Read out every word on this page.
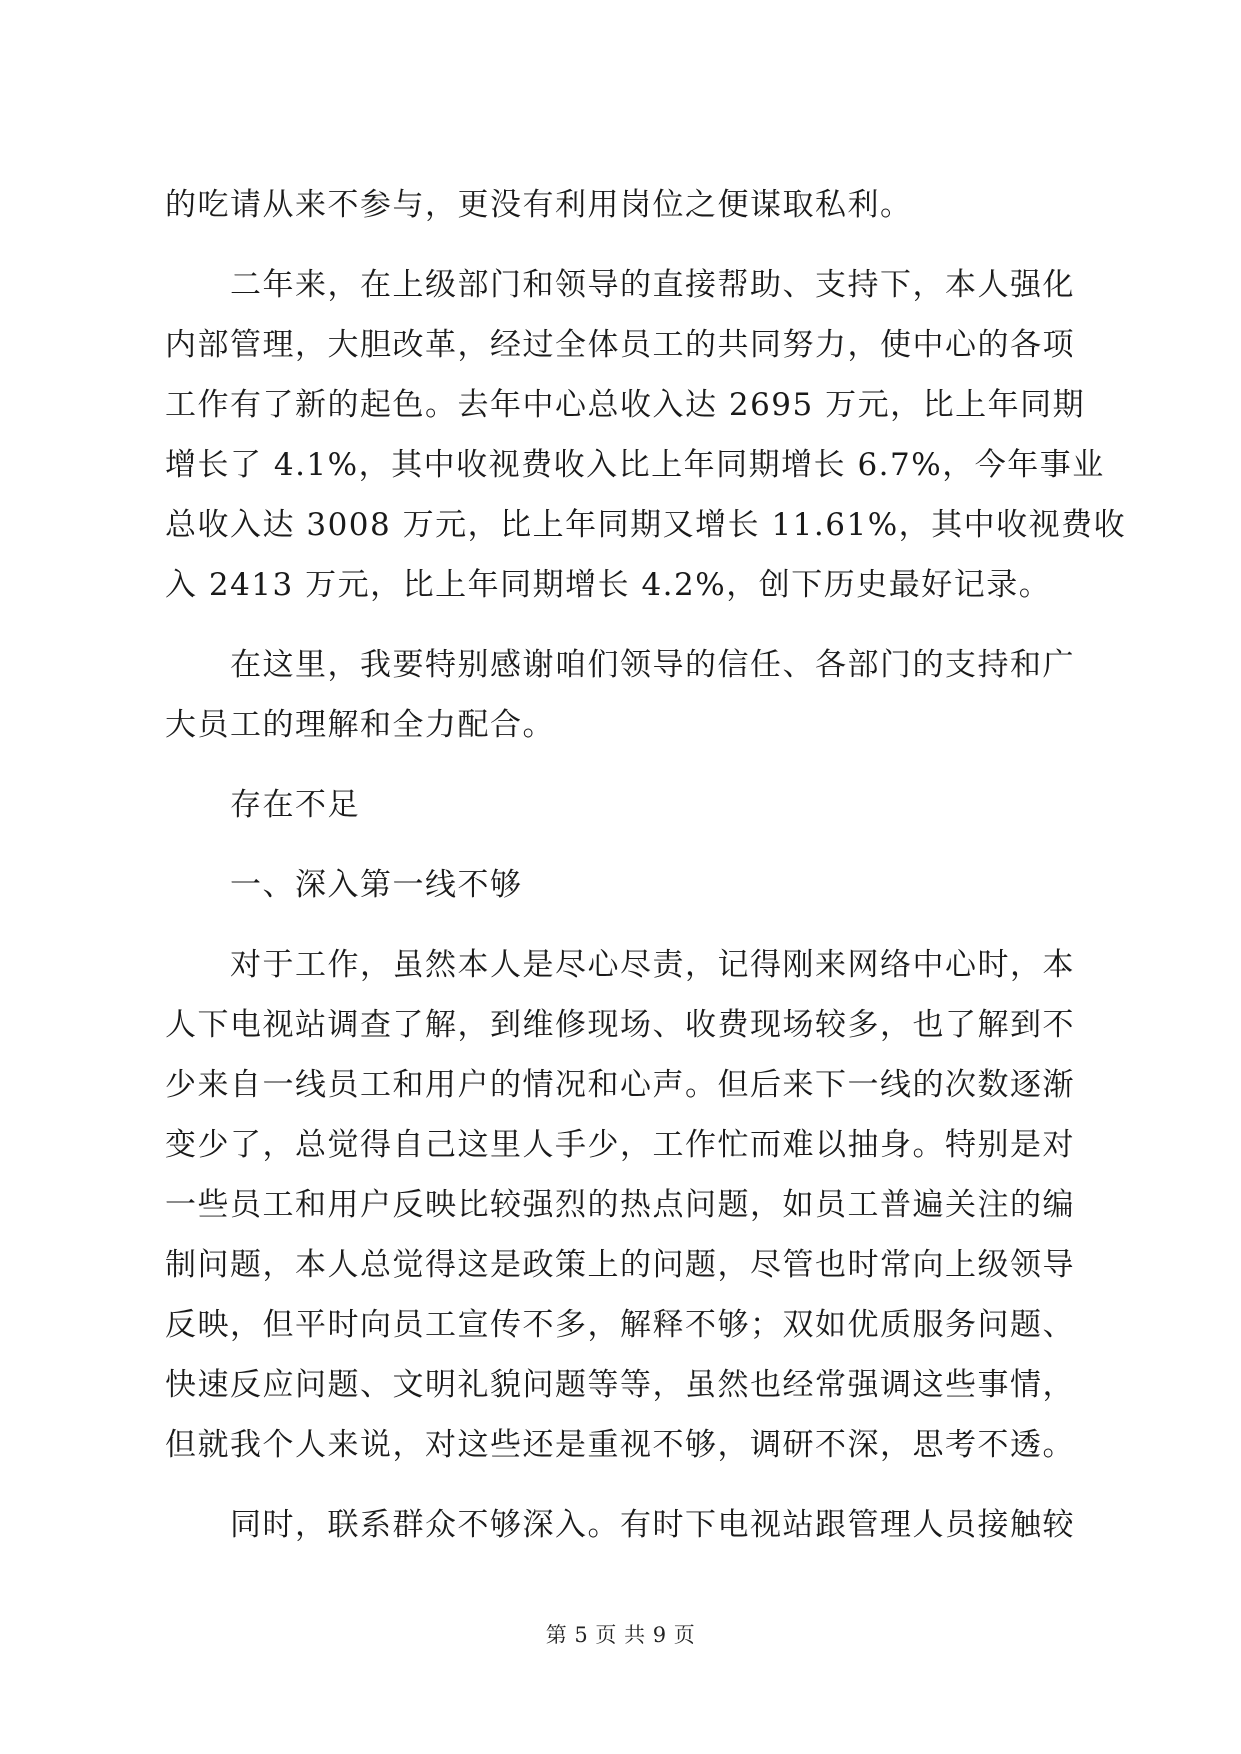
的吃请从来不参与，更没有利用岗位之便谋取私利。
二年来，在上级部门和领导的直接帮助、支持下，本人强化
内部管理，大胆改革，经过全体员工的共同努力，使中心的各项
工作有了新的起色。去年中心总收入达 2695 万元，比上年同期
增长了 4.1%，其中收视费收入比上年同期增长 6.7%，今年事业
总收入达 3008 万元，比上年同期又增长 11.61%，其中收视费收
入 2413 万元，比上年同期增长 4.2%，创下历史最好记录。
在这里，我要特别感谢咱们领导的信任、各部门的支持和广
大员工的理解和全力配合。
存在不足
一、深入第一线不够
对于工作，虽然本人是尽心尽责，记得刚来网络中心时，本
人下电视站调查了解，到维修现场、收费现场较多，也了解到不
少来自一线员工和用户的情况和心声。但后来下一线的次数逐渐
变少了，总觉得自己这里人手少，工作忙而难以抽身。特别是对
一些员工和用户反映比较强烈的热点问题，如员工普遍关注的编
制问题，本人总觉得这是政策上的问题，尽管也时常向上级领导
反映，但平时向员工宣传不多，解释不够；双如优质服务问题、
快速反应问题、文明礼貌问题等等，虽然也经常强调这些事情，
但就我个人来说，对这些还是重视不够，调研不深，思考不透。
同时，联系群众不够深入。有时下电视站跟管理人员接触较
第 5 页 共 9 页
